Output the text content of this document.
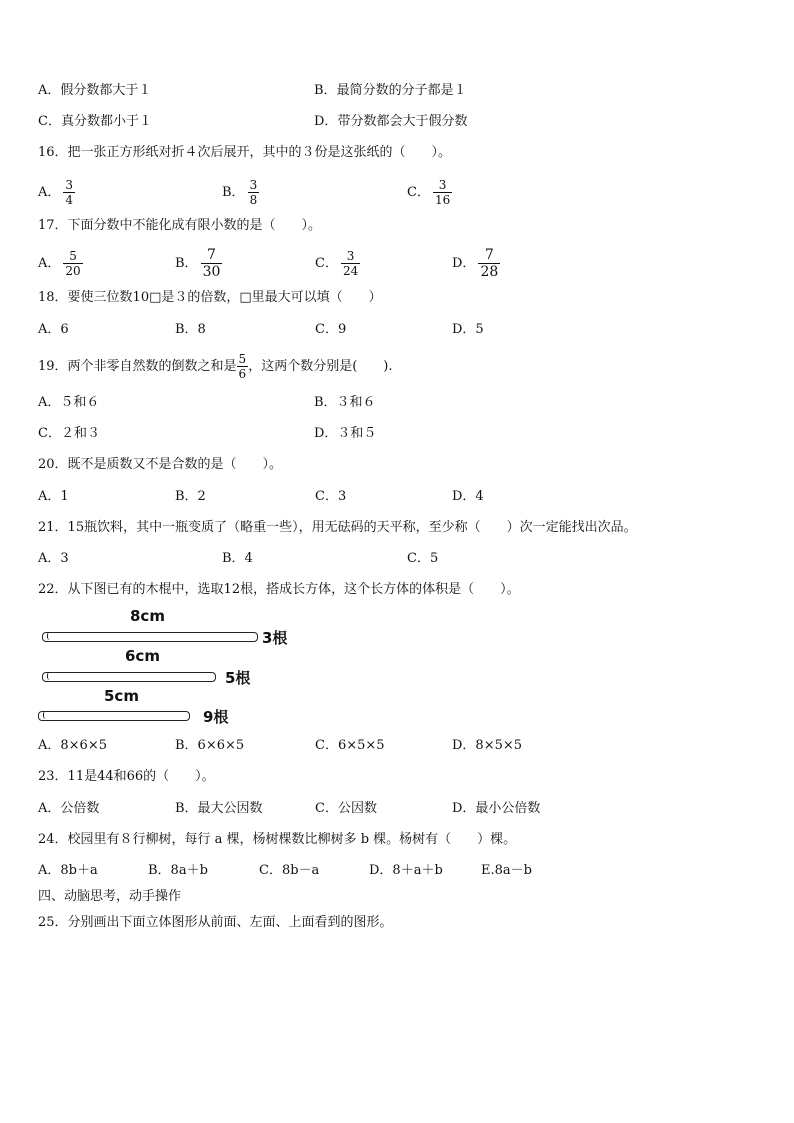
A．假分数都大于１	B．最简分数的分子都是１
C．真分数都小于１	D．带分数都会大于假分数
16．把一张正方形纸对折４次后展开，其中的３份是这张纸的（　　）。
A． $\frac{3}{4}$	B． $\frac{3}{8}$	C． $\frac{3}{16}$
17．下面分数中不能化成有限小数的是（　　）。
A． $\frac{5}{20}$	B． $\frac{7}{30}$	C． $\frac{3}{24}$	D． $\frac{7}{28}$
18．要使三位数10□是３的倍数，□里最大可以填（　　）
A．6	B．8	C．9	D．5
19．两个非零自然数的倒数之和是 $\frac{5}{6}$ ，这两个数分别是(　　).
A．５和６	B．３和６
C．２和３	D．３和５
20．既不是质数又不是合数的是（　　）。
A．1	B．2	C．3	D．4
21．15瓶饮料，其中一瓶变质了（略重一些），用无砝码的天平称，至少称（　　）次一定能找出次品。
A．3	B．4	C．5
22．从下图已有的木棍中，选取12根，搭成长方体，这个长方体的体积是（　　）。
8cm
3根
6cm
5根
5cm
9根
A．8×6×5	B．6×6×5	C．6×5×5	D．8×5×5
23．11是44和66的（　　）。
A．公倍数	B．最大公因数	C．公因数	D．最小公倍数
24．校园里有８行柳树，每行 a 棵，杨树棵数比柳树多 b 棵。杨树有（　　）棵。
A．8b＋a	B．8a＋b	C．8b－a	D．8＋a＋b	E.8a－b
四、动脑思考，动手操作
25．分别画出下面立体图形从前面、左面、上面看到的图形。
